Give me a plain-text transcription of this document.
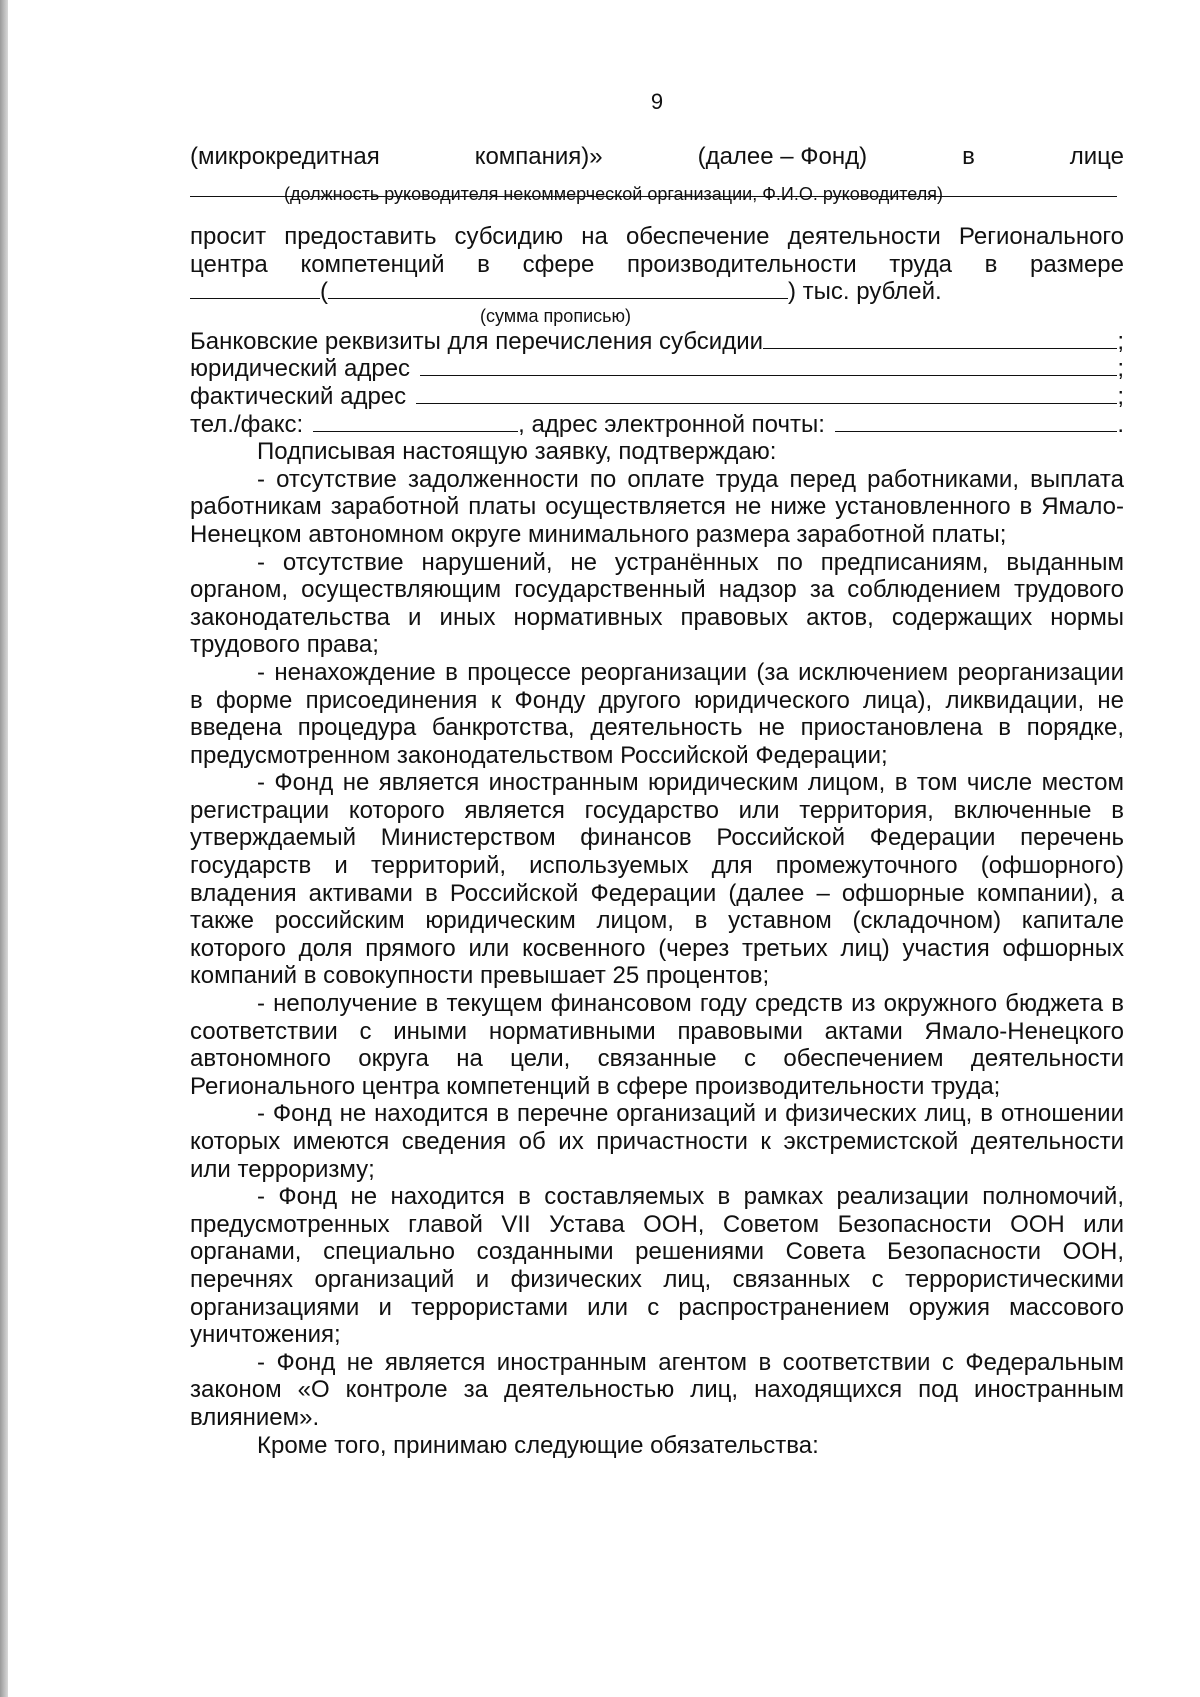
9
(микрокредитная	компания)»	(далее – Фонд)	в	лице
(должность руководителя некоммерческой организации, Ф.И.О. руководителя)

просит предоставить субсидию на обеспечение деятельности Регионального

центра компетенций в сфере производительности труда в размере

(	) тыс. рублей.
(сумма прописью)
Банковские реквизиты для перечисления субсидии	;
юридический адрес	;
фактический адрес	;
тел./факс:	, адрес электронной почты:	.

Подписывая настоящую заявку, подтверждаю:

- отсутствие задолженности по оплате труда перед работниками, выплата работникам заработной платы осуществляется не ниже установленного в Ямало-Ненецком автономном округе минимального размера заработной платы;

- отсутствие нарушений, не устранённых по предписаниям, выданным органом, осуществляющим государственный надзор за соблюдением трудового законодательства и иных нормативных правовых актов, содержащих нормы трудового права;

- ненахождение в процессе реорганизации (за исключением реорганизации в форме присоединения к Фонду другого юридического лица), ликвидации, не введена процедура банкротства, деятельность не приостановлена в порядке, предусмотренном законодательством Российской Федерации;

- Фонд не является иностранным юридическим лицом, в том числе местом регистрации которого является государство или территория, включенные в утверждаемый Министерством финансов Российской Федерации перечень государств и территорий, используемых для промежуточного (офшорного) владения активами в Российской Федерации (далее – офшорные компании), а также российским юридическим лицом, в уставном (складочном) капитале которого доля прямого или косвенного (через третьих лиц) участия офшорных компаний в совокупности превышает 25 процентов;

- неполучение в текущем финансовом году средств из окружного бюджета в соответствии с иными нормативными правовыми актами Ямало-Ненецкого автономного округа на цели, связанные с обеспечением деятельности Регионального центра компетенций в сфере производительности труда;

- Фонд не находится в перечне организаций и физических лиц, в отношении которых имеются сведения об их причастности к экстремистской деятельности или терроризму;

- Фонд не находится в составляемых в рамках реализации полномочий, предусмотренных главой VII Устава ООН, Советом Безопасности ООН или органами, специально созданными решениями Совета Безопасности ООН, перечнях организаций и физических лиц, связанных с террористическими организациями и террористами или с распространением оружия массового уничтожения;

- Фонд не является иностранным агентом в соответствии с Федеральным законом «О контроле за деятельностью лиц, находящихся под иностранным влиянием».

Кроме того, принимаю следующие обязательства:
